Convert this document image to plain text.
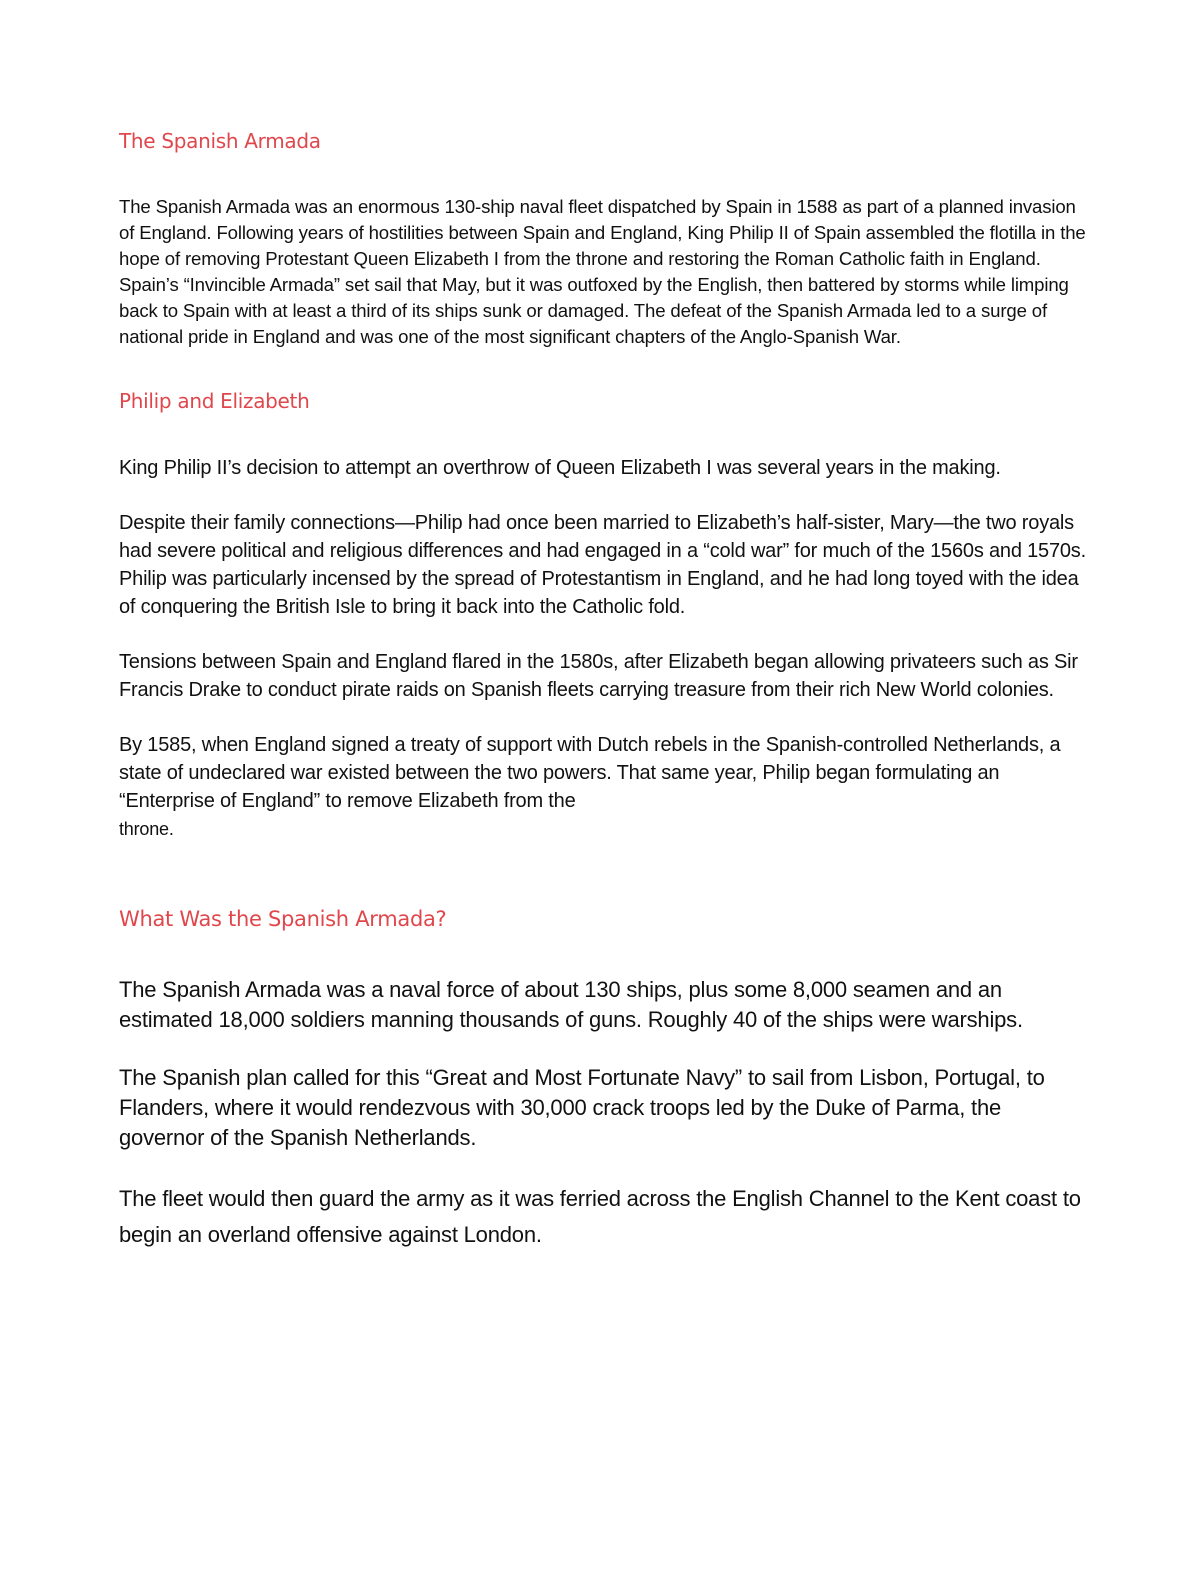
The Spanish Armada

The Spanish Armada was an enormous 130-ship naval fleet dispatched by Spain in 1588 as part of a planned invasion of England. Following years of hostilities between Spain and England, King Philip II of Spain assembled the flotilla in the hope of removing Protestant Queen Elizabeth I from the throne and restoring the Roman Catholic faith in England. Spain’s “Invincible Armada” set sail that May, but it was outfoxed by the English, then battered by storms while limping back to Spain with at least a third of its ships sunk or damaged. The defeat of the Spanish Armada led to a surge of national pride in England and was one of the most significant chapters of the Anglo-Spanish War.

Philip and Elizabeth

King Philip II’s decision to attempt an overthrow of Queen Elizabeth I was several years in the making.

Despite their family connections—Philip had once been married to Elizabeth’s half-sister, Mary—the two royals had severe political and religious differences and had engaged in a “cold war” for much of the 1560s and 1570s. Philip was particularly incensed by the spread of Protestantism in England, and he had long toyed with the idea of conquering the British Isle to bring it back into the Catholic fold.

Tensions between Spain and England flared in the 1580s, after Elizabeth began allowing privateers such as Sir Francis Drake to conduct pirate raids on Spanish fleets carrying treasure from their rich New World colonies.

By 1585, when England signed a treaty of support with Dutch rebels in the Spanish-controlled Netherlands, a state of undeclared war existed between the two powers. That same year, Philip began formulating an “Enterprise of England” to remove Elizabeth from the
throne.

What Was the Spanish Armada?

The Spanish Armada was a naval force of about 130 ships, plus some 8,000 seamen and an estimated 18,000 soldiers manning thousands of guns. Roughly 40 of the ships were warships.

The Spanish plan called for this “Great and Most Fortunate Navy” to sail from Lisbon, Portugal, to Flanders, where it would rendezvous with 30,000 crack troops led by the Duke of Parma, the governor of the Spanish Netherlands.

The fleet would then guard the army as it was ferried across the English Channel to the Kent coast to begin an overland offensive against London.
